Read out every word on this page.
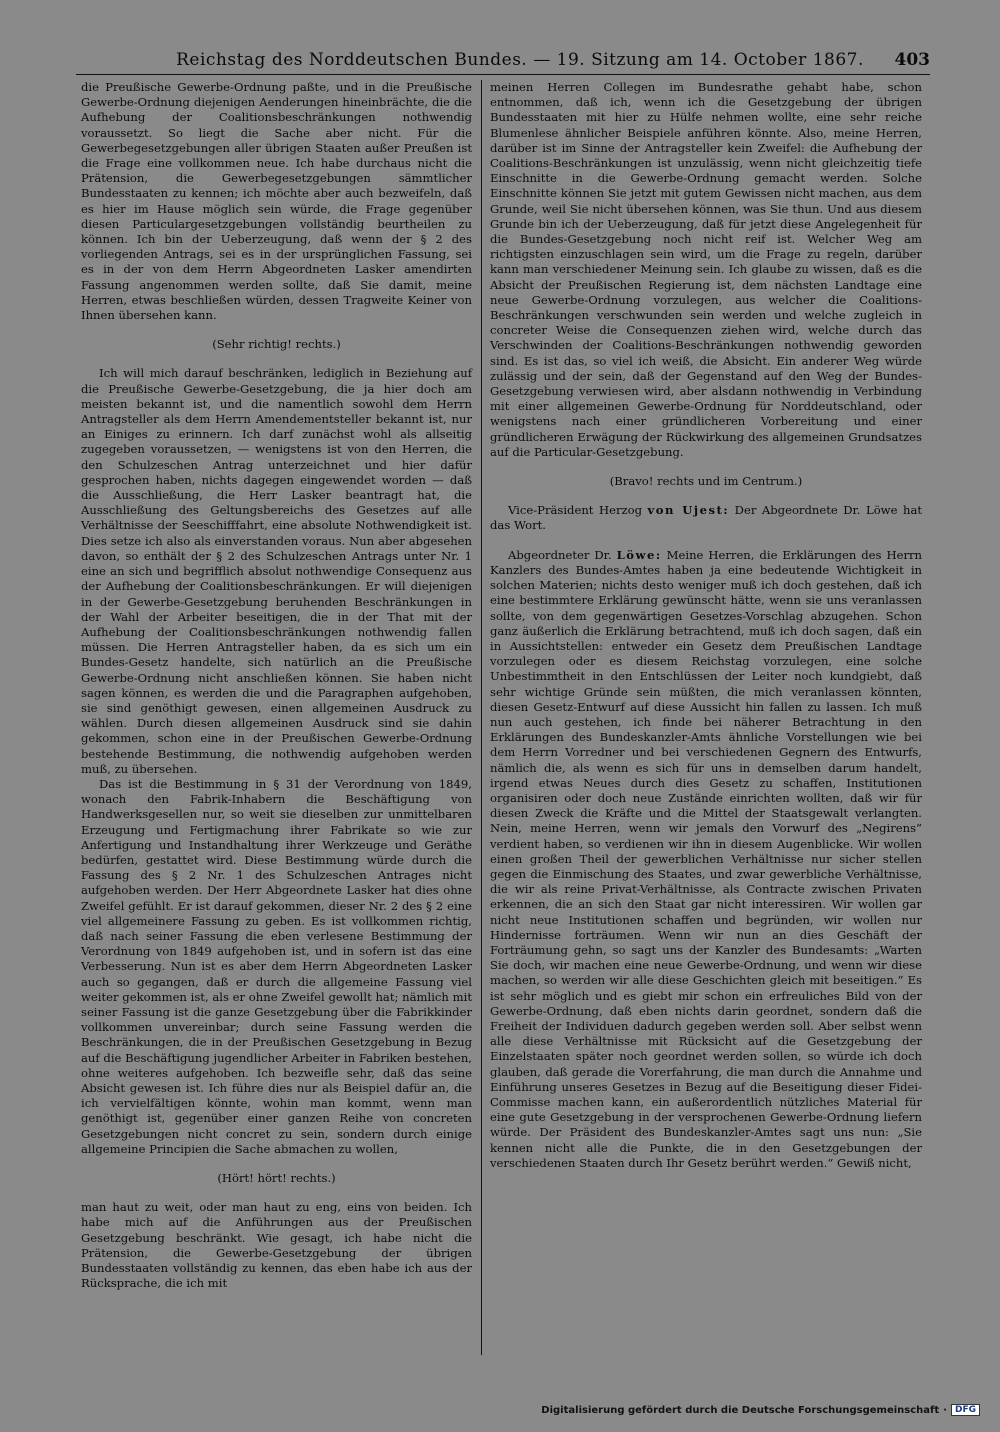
Reichstag des Norddeutschen Bundes. — 19. Sitzung am 14. October 1867.	403

die Preußische Gewerbe-Ordnung paßte, und in die Preußische Gewerbe-Ordnung diejenigen Aenderungen hineinbrächte, die die Aufhebung der Coalitionsbeschränkungen nothwendig voraussetzt. So liegt die Sache aber nicht. Für die Gewerbegesetzgebungen aller übrigen Staaten außer Preußen ist die Frage eine vollkommen neue. Ich habe durchaus nicht die Prätension, die Gewerbegesetzgebungen sämmtlicher Bundesstaaten zu kennen; ich möchte aber auch bezweifeln, daß es hier im Hause möglich sein würde, die Frage gegenüber diesen Particulargesetzgebungen vollständig beurtheilen zu können. Ich bin der Ueberzeugung, daß wenn der § 2 des vorliegenden Antrags, sei es in der ursprünglichen Fassung, sei es in der von dem Herrn Abgeordneten Lasker amendirten Fassung angenommen werden sollte, daß Sie damit, meine Herren, etwas beschließen würden, dessen Tragweite Keiner von Ihnen übersehen kann.

(Sehr richtig! rechts.)

Ich will mich darauf beschränken, lediglich in Beziehung auf die Preußische Gewerbe-Gesetzgebung, die ja hier doch am meisten bekannt ist, und die namentlich sowohl dem Herrn Antragsteller als dem Herrn Amendementsteller bekannt ist, nur an Einiges zu erinnern. Ich darf zunächst wohl als allseitig zugegeben voraussetzen, — wenigstens ist von den Herren, die den Schulzeschen Antrag unterzeichnet und hier dafür gesprochen haben, nichts dagegen eingewendet worden — daß die Ausschließung, die Herr Lasker beantragt hat, die Ausschließung des Geltungsbereichs des Gesetzes auf alle Verhältnisse der Seeschifffahrt, eine absolute Nothwendigkeit ist. Dies setze ich also als einverstanden voraus. Nun aber abgesehen davon, so enthält der § 2 des Schulzeschen Antrags unter Nr. 1 eine an sich und begrifflich absolut nothwendige Consequenz aus der Aufhebung der Coalitionsbeschränkungen. Er will diejenigen in der Gewerbe-Gesetzgebung beruhenden Beschränkungen in der Wahl der Arbeiter beseitigen, die in der That mit der Aufhebung der Coalitionsbeschränkungen nothwendig fallen müssen. Die Herren Antragsteller haben, da es sich um ein Bundes-Gesetz handelte, sich natürlich an die Preußische Gewerbe-Ordnung nicht anschließen können. Sie haben nicht sagen können, es werden die und die Paragraphen aufgehoben, sie sind genöthigt gewesen, einen allgemeinen Ausdruck zu wählen. Durch diesen allgemeinen Ausdruck sind sie dahin gekommen, schon eine in der Preußischen Gewerbe-Ordnung bestehende Bestimmung, die nothwendig aufgehoben werden muß, zu übersehen.

Das ist die Bestimmung in § 31 der Verordnung von 1849, wonach den Fabrik-Inhabern die Beschäftigung von Handwerksgesellen nur, so weit sie dieselben zur unmittelbaren Erzeugung und Fertigmachung ihrer Fabrikate so wie zur Anfertigung und Instandhaltung ihrer Werkzeuge und Geräthe bedürfen, gestattet wird. Diese Bestimmung würde durch die Fassung des § 2 Nr. 1 des Schulzeschen Antrages nicht aufgehoben werden. Der Herr Abgeordnete Lasker hat dies ohne Zweifel gefühlt. Er ist darauf gekommen, dieser Nr. 2 des § 2 eine viel allgemeinere Fassung zu geben. Es ist vollkommen richtig, daß nach seiner Fassung die eben verlesene Bestimmung der Verordnung von 1849 aufgehoben ist, und in sofern ist das eine Verbesserung. Nun ist es aber dem Herrn Abgeordneten Lasker auch so gegangen, daß er durch die allgemeine Fassung viel weiter gekommen ist, als er ohne Zweifel gewollt hat; nämlich mit seiner Fassung ist die ganze Gesetzgebung über die Fabrikkinder vollkommen unvereinbar; durch seine Fassung werden die Beschränkungen, die in der Preußischen Gesetzgebung in Bezug auf die Beschäftigung jugendlicher Arbeiter in Fabriken bestehen, ohne weiteres aufgehoben. Ich bezweifle sehr, daß das seine Absicht gewesen ist. Ich führe dies nur als Beispiel dafür an, die ich vervielfältigen könnte, wohin man kommt, wenn man genöthigt ist, gegenüber einer ganzen Reihe von concreten Gesetzgebungen nicht concret zu sein, sondern durch einige allgemeine Principien die Sache abmachen zu wollen,

(Hört! hört! rechts.)

man haut zu weit, oder man haut zu eng, eins von beiden. Ich habe mich auf die Anführungen aus der Preußischen Gesetzgebung beschränkt. Wie gesagt, ich habe nicht die Prätension, die Gewerbe-Gesetzgebung der übrigen Bundesstaaten vollständig zu kennen, das eben habe ich aus der Rücksprache, die ich mit

meinen Herren Collegen im Bundesrathe gehabt habe, schon entnommen, daß ich, wenn ich die Gesetzgebung der übrigen Bundesstaaten mit hier zu Hülfe nehmen wollte, eine sehr reiche Blumenlese ähnlicher Beispiele anführen könnte. Also, meine Herren, darüber ist im Sinne der Antragsteller kein Zweifel: die Aufhebung der Coalitions-Beschränkungen ist unzulässig, wenn nicht gleichzeitig tiefe Einschnitte in die Gewerbe-Ordnung gemacht werden. Solche Einschnitte können Sie jetzt mit gutem Gewissen nicht machen, aus dem Grunde, weil Sie nicht übersehen können, was Sie thun. Und aus diesem Grunde bin ich der Ueberzeugung, daß für jetzt diese Angelegenheit für die Bundes-Gesetzgebung noch nicht reif ist. Welcher Weg am richtigsten einzuschlagen sein wird, um die Frage zu regeln, darüber kann man verschiedener Meinung sein. Ich glaube zu wissen, daß es die Absicht der Preußischen Regierung ist, dem nächsten Landtage eine neue Gewerbe-Ordnung vorzulegen, aus welcher die Coalitions-Beschränkungen verschwunden sein werden und welche zugleich in concreter Weise die Consequenzen ziehen wird, welche durch das Verschwinden der Coalitions-Beschränkungen nothwendig geworden sind. Es ist das, so viel ich weiß, die Absicht. Ein anderer Weg würde zulässig und der sein, daß der Gegenstand auf den Weg der Bundes-Gesetzgebung verwiesen wird, aber alsdann nothwendig in Verbindung mit einer allgemeinen Gewerbe-Ordnung für Norddeutschland, oder wenigstens nach einer gründlicheren Vorbereitung und einer gründlicheren Erwägung der Rückwirkung des allgemeinen Grundsatzes auf die Particular-Gesetzgebung.

(Bravo! rechts und im Centrum.)

Vice-Präsident Herzog von Ujest: Der Abgeordnete Dr. Löwe hat das Wort.

Abgeordneter Dr. Löwe: Meine Herren, die Erklärungen des Herrn Kanzlers des Bundes-Amtes haben ja eine bedeutende Wichtigkeit in solchen Materien; nichts desto weniger muß ich doch gestehen, daß ich eine bestimmtere Erklärung gewünscht hätte, wenn sie uns veranlassen sollte, von dem gegenwärtigen Gesetzes-Vorschlag abzugehen. Schon ganz äußerlich die Erklärung betrachtend, muß ich doch sagen, daß ein in Aussichtstellen: entweder ein Gesetz dem Preußischen Landtage vorzulegen oder es diesem Reichstag vorzulegen, eine solche Unbestimmtheit in den Entschlüssen der Leiter noch kundgiebt, daß sehr wichtige Gründe sein müßten, die mich veranlassen könnten, diesen Gesetz-Entwurf auf diese Aussicht hin fallen zu lassen. Ich muß nun auch gestehen, ich finde bei näherer Betrachtung in den Erklärungen des Bundeskanzler-Amts ähnliche Vorstellungen wie bei dem Herrn Vorredner und bei verschiedenen Gegnern des Entwurfs, nämlich die, als wenn es sich für uns in demselben darum handelt, irgend etwas Neues durch dies Gesetz zu schaffen, Institutionen organisiren oder doch neue Zustände einrichten wollten, daß wir für diesen Zweck die Kräfte und die Mittel der Staatsgewalt verlangten. Nein, meine Herren, wenn wir jemals den Vorwurf des „Negirens“ verdient haben, so verdienen wir ihn in diesem Augenblicke. Wir wollen einen großen Theil der gewerblichen Verhältnisse nur sicher stellen gegen die Einmischung des Staates, und zwar gewerbliche Verhältnisse, die wir als reine Privat-Verhältnisse, als Contracte zwischen Privaten erkennen, die an sich den Staat gar nicht interessiren. Wir wollen gar nicht neue Institutionen schaffen und begründen, wir wollen nur Hindernisse forträumen. Wenn wir nun an dies Geschäft der Forträumung gehn, so sagt uns der Kanzler des Bundesamts: „Warten Sie doch, wir machen eine neue Gewerbe-Ordnung, und wenn wir diese machen, so werden wir alle diese Geschichten gleich mit beseitigen.“ Es ist sehr möglich und es giebt mir schon ein erfreuliches Bild von der Gewerbe-Ordnung, daß eben nichts darin geordnet, sondern daß die Freiheit der Individuen dadurch gegeben werden soll. Aber selbst wenn alle diese Verhältnisse mit Rücksicht auf die Gesetzgebung der Einzelstaaten später noch geordnet werden sollen, so würde ich doch glauben, daß gerade die Vorerfahrung, die man durch die Annahme und Einführung unseres Gesetzes in Bezug auf die Beseitigung dieser Fidei-Commisse machen kann, ein außerordentlich nützliches Material für eine gute Gesetzgebung in der versprochenen Gewerbe-Ordnung liefern würde. Der Präsident des Bundeskanzler-Amtes sagt uns nun: „Sie kennen nicht alle die Punkte, die in den Gesetzgebungen der verschiedenen Staaten durch Ihr Gesetz berührt werden.“ Gewiß nicht,

Digitalisierung gefördert durch die Deutsche Forschungsgemeinschaft · DFG
